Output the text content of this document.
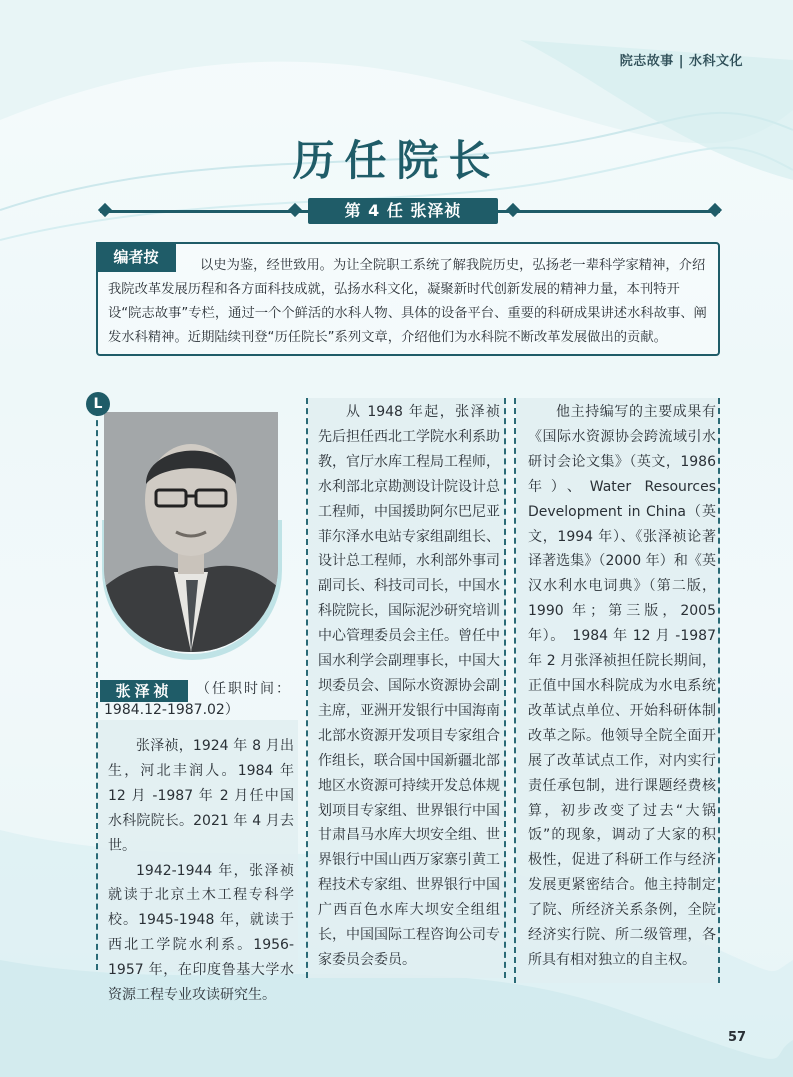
院志故事 | 水科文化
历任院长
第 4 任 张泽祯
编者按	以史为鉴，经世致用。为让全院职工系统了解我院历史，弘扬老一辈科学家精神，介绍我院改革发展历程和各方面科技成就，弘扬水科文化，凝聚新时代创新发展的精神力量，本刊特开设“院志故事”专栏，通过一个个鲜活的水科人物、具体的设备平台、重要的科研成果讲述水科故事、阐发水科精神。近期陆续刊登“历任院长”系列文章，介绍他们为水科院不断改革发展做出的贡献。
L
张泽祯	（任职时间：
1984.12-1987.02）

张泽祯，1924 年 8 月出生，河北丰润人。1984 年 12 月 -1987 年 2 月任中国水科院院长。2021 年 4 月去世。

1942-1944 年，张泽祯就读于北京土木工程专科学校。1945-1948 年，就读于西北工学院水利系。1956-1957 年，在印度鲁基大学水资源工程专业攻读研究生。

从 1948 年起，张泽祯先后担任西北工学院水利系助教，官厅水库工程局工程师，水利部北京勘测设计院设计总工程师，中国援助阿尔巴尼亚菲尔泽水电站专家组副组长、设计总工程师，水利部外事司副司长、科技司司长，中国水科院院长，国际泥沙研究培训中心管理委员会主任。曾任中国水利学会副理事长，中国大坝委员会、国际水资源协会副主席，亚洲开发银行中国海南北部水资源开发项目专家组合作组长，联合国中国新疆北部地区水资源可持续开发总体规划项目专家组、世界银行中国甘肃昌马水库大坝安全组、世界银行中国山西万家寨引黄工程技术专家组、世界银行中国广西百色水库大坝安全组组长，中国国际工程咨询公司专家委员会委员。

他主持编写的主要成果有《国际水资源协会跨流域引水研讨会论文集》（英文，1986 年）、Water Resources Development in China（英文，1994 年）、《张泽祯论著译著选集》（2000 年）和《英汉水利水电词典》（第二版，1990 年；第三版，2005 年）。　1984 年 12 月 -1987 年 2 月张泽祯担任院长期间，正值中国水科院成为水电系统改革试点单位、开始科研体制改革之际。他领导全院全面开展了改革试点工作，对内实行责任承包制，进行课题经费核算，初步改变了过去“大锅饭”的现象，调动了大家的积极性，促进了科研工作与经济发展更紧密结合。他主持制定了院、所经济关系条例，全院经济实行院、所二级管理，各所具有相对独立的自主权。

57
